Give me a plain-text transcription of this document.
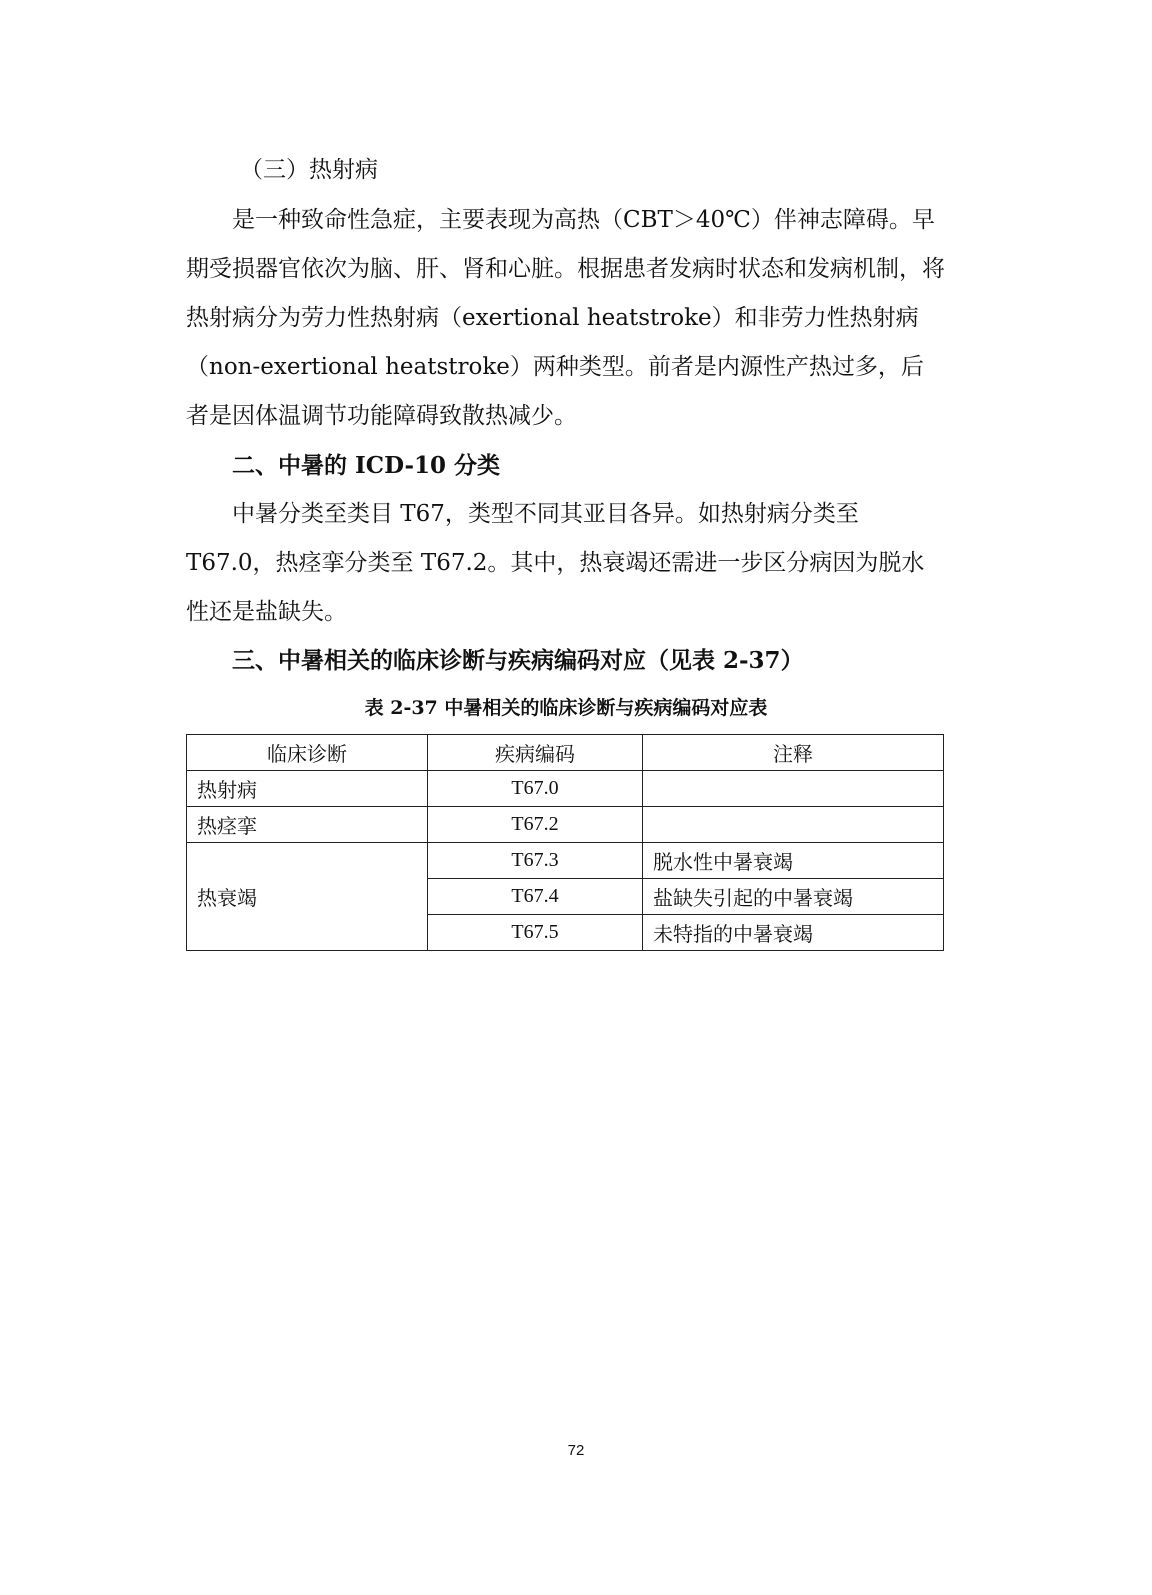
（三）热射病

是一种致命性急症，主要表现为高热（CBT＞40℃）伴神志障碍。早期受损器官依次为脑、肝、肾和心脏。根据患者发病时状态和发病机制，将热射病分为劳力性热射病（exertional heatstroke）和非劳力性热射病（non-exertional heatstroke）两种类型。前者是内源性产热过多，后者是因体温调节功能障碍致散热减少。

二、中暑的 ICD-10 分类

中暑分类至类目 T67，类型不同其亚目各异。如热射病分类至 T67.0，热痉挛分类至 T67.2。其中，热衰竭还需进一步区分病因为脱水性还是盐缺失。

三、中暑相关的临床诊断与疾病编码对应（见表 2-37）

表 2-37 中暑相关的临床诊断与疾病编码对应表

临床诊断	疾病编码	注释
热射病	T67.0	
热痉挛	T67.2	
热衰竭	T67.3	脱水性中暑衰竭
	T67.4	盐缺失引起的中暑衰竭
	T67.5	未特指的中暑衰竭
72
